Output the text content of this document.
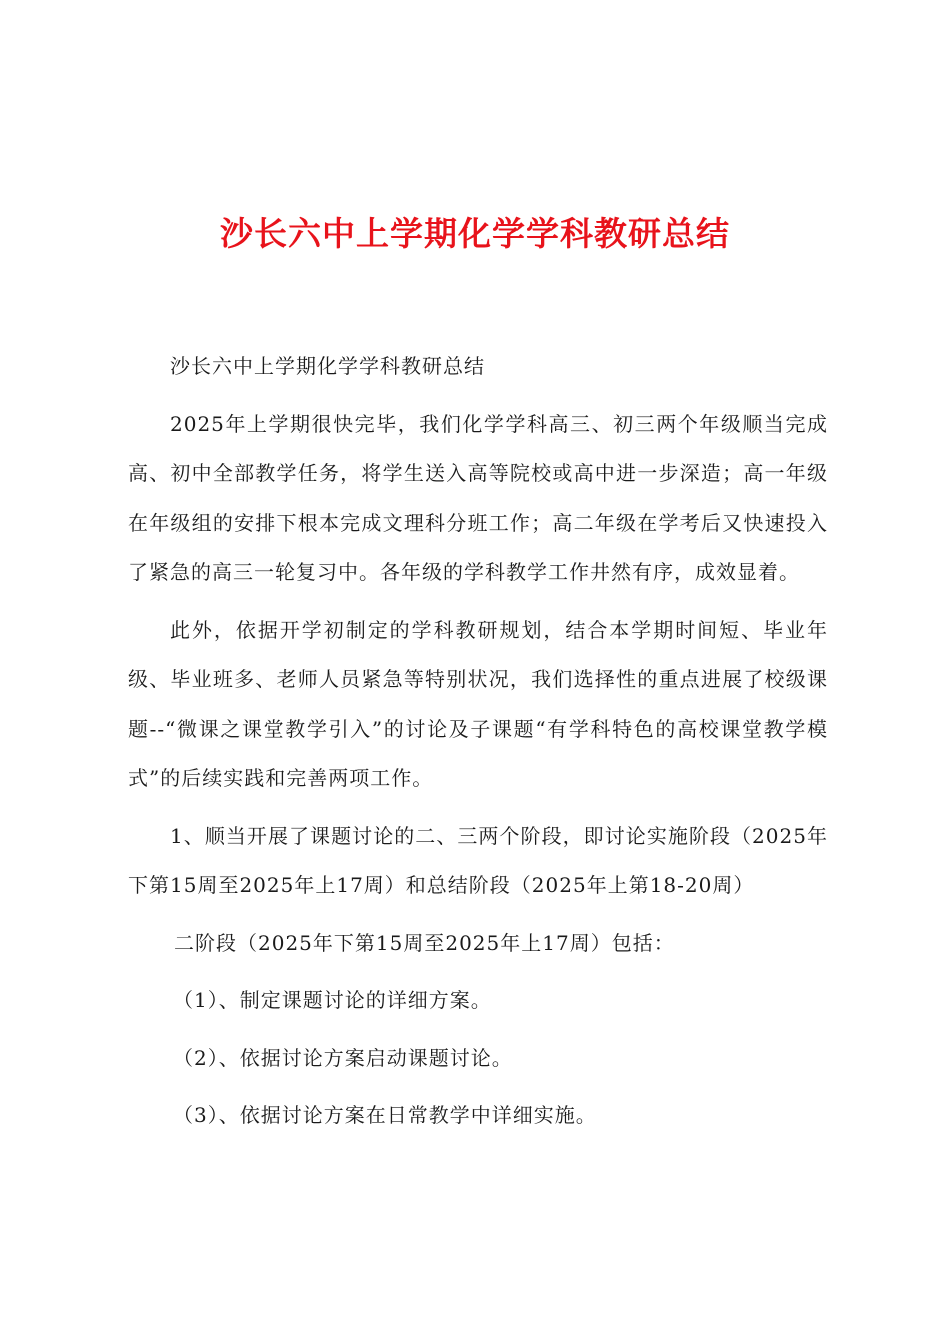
沙长六中上学期化学学科教研总结

沙长六中上学期化学学科教研总结

2025年上学期很快完毕，我们化学学科高三、初三两个年级顺当完成高、初中全部教学任务，将学生送入高等院校或高中进一步深造；高一年级在年级组的安排下根本完成文理科分班工作；高二年级在学考后又快速投入了紧急的高三一轮复习中。各年级的学科教学工作井然有序，成效显着。

此外，依据开学初制定的学科教研规划，结合本学期时间短、毕业年级、毕业班多、老师人员紧急等特别状况，我们选择性的重点进展了校级课题--“微课之课堂教学引入”的讨论及子课题“有学科特色的高校课堂教学模式”的后续实践和完善两项工作。

1、顺当开展了课题讨论的二、三两个阶段，即讨论实施阶段（2025年下第15周至2025年上17周）和总结阶段（2025年上第18-20周）

二阶段（2025年下第15周至2025年上17周）包括：

（1）、制定课题讨论的详细方案。

（2）、依据讨论方案启动课题讨论。

（3）、依据讨论方案在日常教学中详细实施。
